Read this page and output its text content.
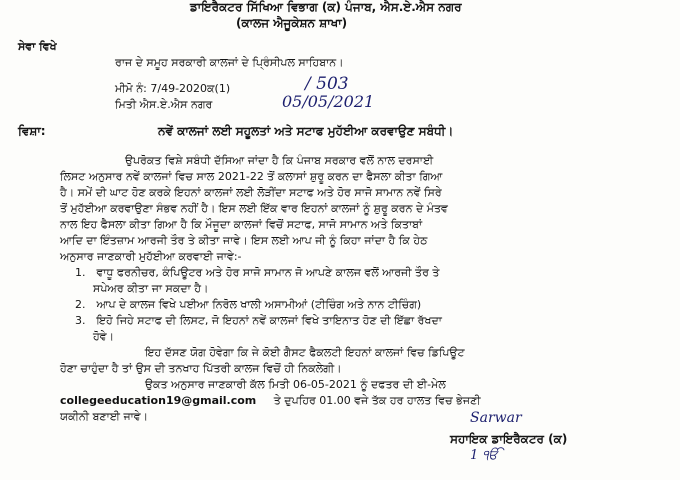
ਡਾਇਰੈਕਟਰ ਸਿੱਖਿਆ ਵਿਭਾਗ (ਕ) ਪੰਜਾਬ, ਐਸ.ਏ.ਐਸ ਨਗਰ
(ਕਾਲਜ ਐਜੂਕੇਸ਼ਨ ਸ਼ਾਖਾ)
ਸੇਵਾ ਵਿਖੇ
ਰਾਜ ਦੇ ਸਮੂਹ ਸਰਕਾਰੀ ਕਾਲਜਾਂ ਦੇ ਪ੍ਰਿੰਸੀਪਲ ਸਾਹਿਬਾਨ।
ਮੀਮੋ ਨੰ: 7/49-2020ਕ(1)	/ 503
ਮਿਤੀ ਐਸ.ਏ.ਐਸ ਨਗਰ	05/05/2021
ਵਿਸ਼ਾ:	ਨਵੇਂ ਕਾਲਜਾਂ ਲਈ ਸਹੂਲਤਾਂ ਅਤੇ ਸਟਾਫ ਮੁਹੱਈਆ ਕਰਵਾਉਣ ਸਬੰਧੀ।
ਉਪਰੋਕਤ ਵਿਸ਼ੇ ਸਬੰਧੀ ਦੱਸਿਆ ਜਾਂਦਾ ਹੈ ਕਿ ਪੰਜਾਬ ਸਰਕਾਰ ਵਲੋਂ ਨਾਲ ਦਰਸਾਈ
ਲਿਸਟ ਅਨੁਸਾਰ ਨਵੇਂ ਕਾਲਜਾਂ ਵਿਚ ਸਾਲ 2021-22 ਤੋਂ ਕਲਾਸਾਂ ਸ਼ੁਰੂ ਕਰਨ ਦਾ ਫੈਸਲਾ ਕੀਤਾ ਗਿਆ
ਹੈ। ਸਮੇਂ ਦੀ ਘਾਟ ਹੋਣ ਕਰਕੇ ਇਹਨਾਂ ਕਾਲਜਾਂ ਲਈ ਲੋੜੀਂਦਾ ਸਟਾਫ ਅਤੇ ਹੋਰ ਸਾਜੋ ਸਾਮਾਨ ਨਵੇਂ ਸਿਰੇ
ਤੋਂ ਮੁਹੱਈਆ ਕਰਵਾਉਣਾ ਸੰਭਵ ਨਹੀਂ ਹੈ। ਇਸ ਲਈ ਇੱਕ ਵਾਰ ਇਹਨਾਂ ਕਾਲਜਾਂ ਨੂੰ ਸ਼ੁਰੂ ਕਰਨ ਦੇ ਮੰਤਵ
ਨਾਲ ਇਹ ਫੈਸਲਾ ਕੀਤਾ ਗਿਆ ਹੈ ਕਿ ਮੌਜੂਦਾ ਕਾਲਜਾਂ ਵਿਚੋਂ ਸਟਾਫ, ਸਾਜੋ ਸਾਮਾਨ ਅਤੇ ਕਿਤਾਬਾਂ
ਆਦਿ ਦਾ ਇੰਤਜ਼ਾਮ ਆਰਜੀ ਤੌਰ ਤੇ ਕੀਤਾ ਜਾਵੇ। ਇਸ ਲਈ ਆਪ ਜੀ ਨੂੰ ਕਿਹਾ ਜਾਂਦਾ ਹੈ ਕਿ ਹੇਠ
ਅਨੁਸਾਰ ਜਾਣਕਾਰੀ ਮੁਹੱਈਆ ਕਰਵਾਈ ਜਾਵੇ:-
1. ਵਾਧੂ ਫਰਨੀਚਰ, ਕੰਪਿਊਟਰ ਅਤੇ ਹੋਰ ਸਾਜੋ ਸਾਮਾਨ ਜੋ ਆਪਣੇ ਕਾਲਜ ਵਲੋਂ ਆਰਜੀ ਤੌਰ ਤੇ
ਸਪੇਅਰ ਕੀਤਾ ਜਾ ਸਕਦਾ ਹੈ।
2. ਆਪ ਦੇ ਕਾਲਜ ਵਿਖੇ ਪਈਆ ਨਿਰੋਲ ਖਾਲੀ ਅਸਾਮੀਆਂ (ਟੀਚਿੰਗ ਅਤੇ ਨਾਨ ਟੀਚਿੰਗ)
3. ਇਹੋ ਜਿਹੇ ਸਟਾਫ ਦੀ ਲਿਸਟ, ਜੋ ਇਹਨਾਂ ਨਵੇਂ ਕਾਲਜਾਂ ਵਿਖੇ ਤਾਇਨਾਤ ਹੋਣ ਦੀ ਇੱਛਾ ਰੱਖਦਾ
ਹੋਵੇ।
ਇਹ ਦੱਸਣ ਯੋਗ ਹੋਵੇਗਾ ਕਿ ਜੇ ਕੋਈ ਗੈਸਟ ਫੈਕਲਟੀ ਇਹਨਾਂ ਕਾਲਜਾਂ ਵਿਚ ਡਿਪਿਊਟ
ਹੋਣਾ ਚਾਹੁੰਦਾ ਹੈ ਤਾਂ ਉਸ ਦੀ ਤਨਖਾਹ ਪਿੱਤਰੀ ਕਾਲਜ ਵਿਚੋਂ ਹੀ ਨਿਕਲੇਗੀ।
ਉਕਤ ਅਨੁਸਾਰ ਜਾਣਕਾਰੀ ਕੱਲ ਮਿਤੀ 06-05-2021 ਨੂੰ ਦਫਤਰ ਦੀ ਈ-ਮੇਲ
collegeeducation19@gmail.com ਤੇ ਦੁਪਹਿਰ 01.00 ਵਜੇ ਤੱਕ ਹਰ ਹਾਲਤ ਵਿਚ ਭੇਜਣੀ
ਯਕੀਨੀ ਬਣਾਈ ਜਾਵੇ।	Sarwar
ਸਹਾਇਕ ਡਾਇਰੈਕਟਰ (ਕ)
1 ੴ
